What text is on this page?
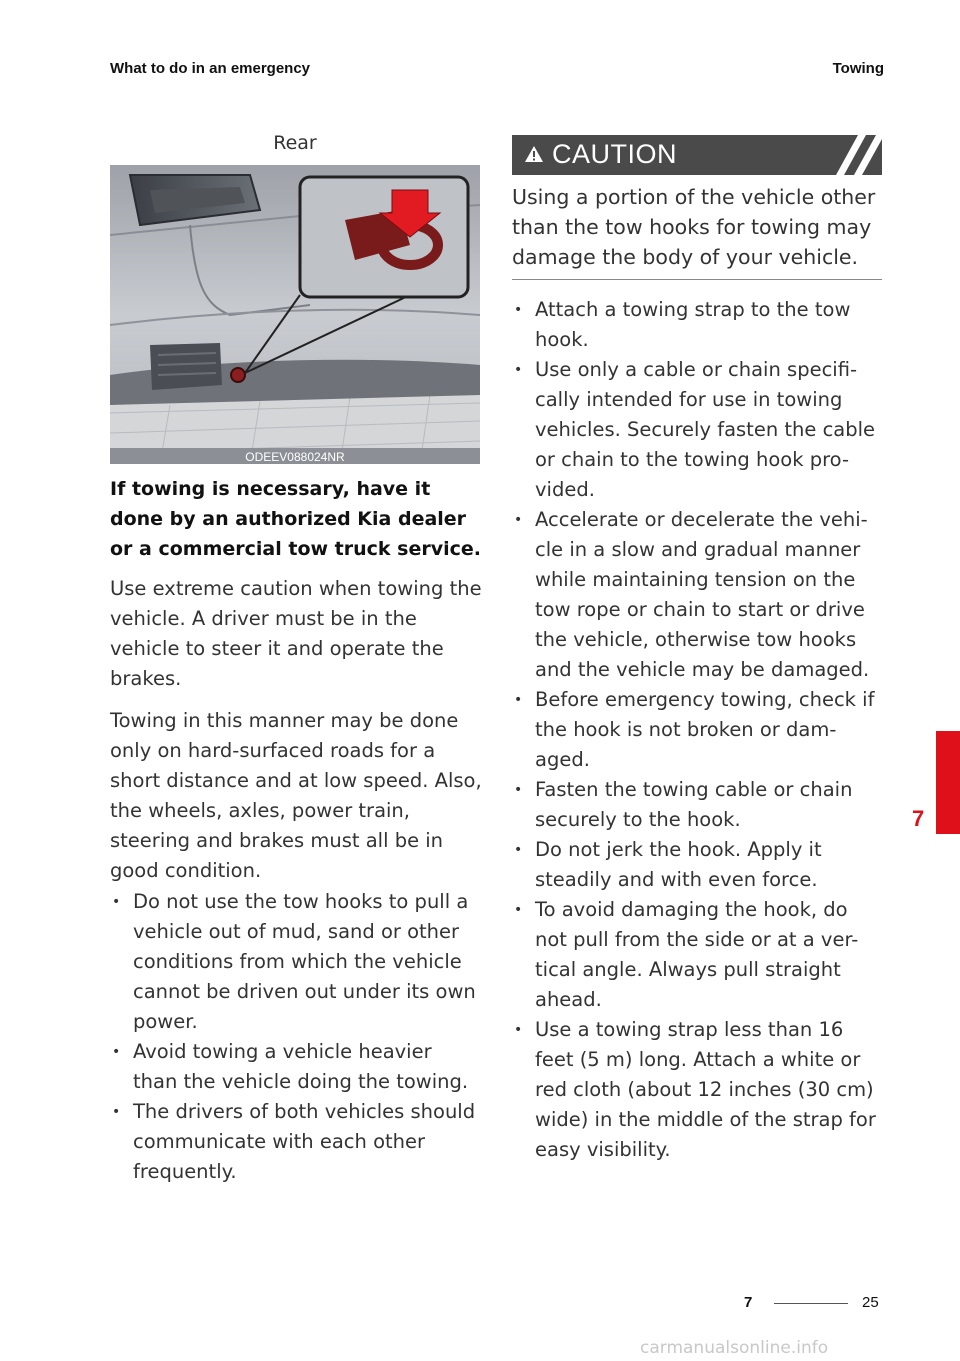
What to do in an emergency	Towing
Rear
ODEEV088024NR
If towing is necessary, have it done by an authorized Kia dealer or a commercial tow truck service.
Use extreme caution when towing the vehicle. A driver must be in the vehicle to steer it and operate the brakes.
Towing in this manner may be done only on hard-surfaced roads for a short distance and at low speed. Also, the wheels, axles, power train, steering and brakes must all be in good condition.
• Do not use the tow hooks to pull a vehicle out of mud, sand or other conditions from which the vehicle cannot be driven out under its own power.
• Avoid towing a vehicle heavier than the vehicle doing the towing.
• The drivers of both vehicles should communicate with each other frequently.
CAUTION
Using a portion of the vehicle other than the tow hooks for towing may damage the body of your vehicle.
• Attach a towing strap to the tow hook.
• Use only a cable or chain specifi-cally intended for use in towing vehicles. Securely fasten the cable or chain to the towing hook pro-vided.
• Accelerate or decelerate the vehi-cle in a slow and gradual manner while maintaining tension on the tow rope or chain to start or drive the vehicle, otherwise tow hooks and the vehicle may be damaged.
• Before emergency towing, check if the hook is not broken or dam-aged.
• Fasten the towing cable or chain securely to the hook.
• Do not jerk the hook. Apply it steadily and with even force.
• To avoid damaging the hook, do not pull from the side or at a ver-tical angle. Always pull straight ahead.
• Use a towing strap less than 16 feet (5 m) long. Attach a white or red cloth (about 12 inches (30 cm) wide) in the middle of the strap for easy visibility.
7
7	25
carmanualsonline.info
